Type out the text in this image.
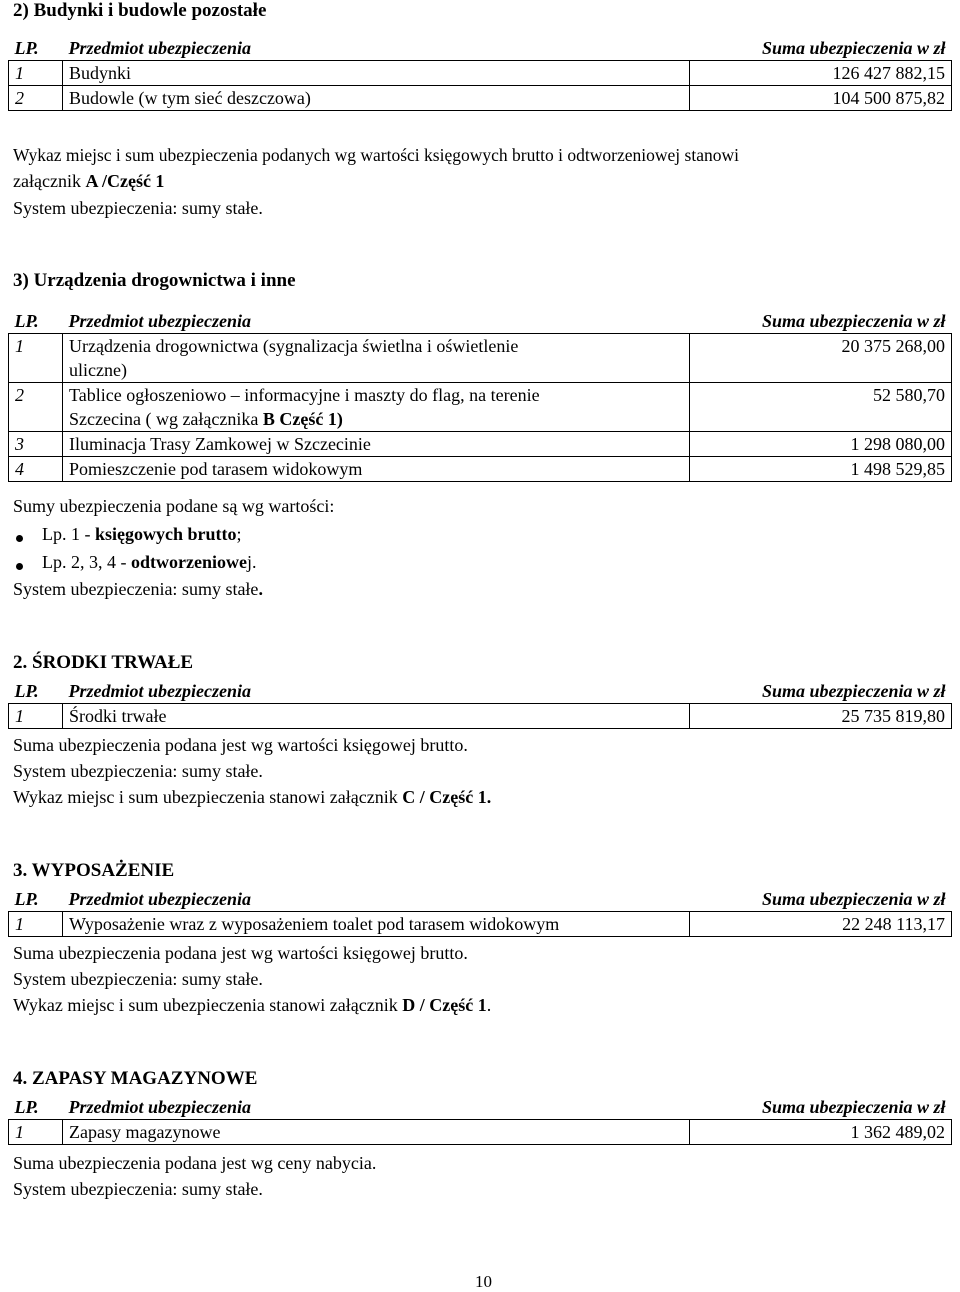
2) Budynki i budowle pozostałe
LP.	Przedmiot ubezpieczenia	Suma ubezpieczenia w zł
1	Budynki	126 427 882,15
2	Budowle (w tym sieć deszczowa)	104 500 875,82
Wykaz miejsc i sum ubezpieczenia podanych wg wartości księgowych brutto i odtworzeniowej stanowi
załącznik A /Część 1
System ubezpieczenia: sumy stałe.
3) Urządzenia drogownictwa i inne
LP.	Przedmiot ubezpieczenia	Suma ubezpieczenia w zł
1	Urządzenia drogownictwa (sygnalizacja świetlna i oświetlenie
uliczne)	20 375 268,00
2	Tablice ogłoszeniowo – informacyjne i maszty do flag, na terenie
Szczecina ( wg załącznika B Część 1)	52 580,70
3	Iluminacja Trasy Zamkowej w Szczecinie	1 298 080,00
4	Pomieszczenie pod tarasem widokowym	1 498 529,85
Sumy ubezpieczenia podane są wg wartości:
Lp. 1 - księgowych brutto;
Lp. 2, 3, 4 - odtworzeniowej.
System ubezpieczenia: sumy stałe.
2. ŚRODKI TRWAŁE
LP.	Przedmiot ubezpieczenia	Suma ubezpieczenia w zł
1	Środki trwałe	25 735 819,80
Suma ubezpieczenia podana jest wg wartości księgowej brutto.
System ubezpieczenia: sumy stałe.
Wykaz miejsc i sum ubezpieczenia stanowi załącznik C / Część 1.
3. WYPOSAŻENIE
LP.	Przedmiot ubezpieczenia	Suma ubezpieczenia w zł
1	Wyposażenie wraz z wyposażeniem toalet pod tarasem widokowym	22 248 113,17
Suma ubezpieczenia podana jest wg wartości księgowej brutto.
System ubezpieczenia: sumy stałe.
Wykaz miejsc i sum ubezpieczenia stanowi załącznik D / Część 1.
4. ZAPASY MAGAZYNOWE
LP.	Przedmiot ubezpieczenia	Suma ubezpieczenia w zł
1	Zapasy magazynowe	1 362 489,02
Suma ubezpieczenia podana jest wg ceny nabycia.
System ubezpieczenia: sumy stałe.
10
